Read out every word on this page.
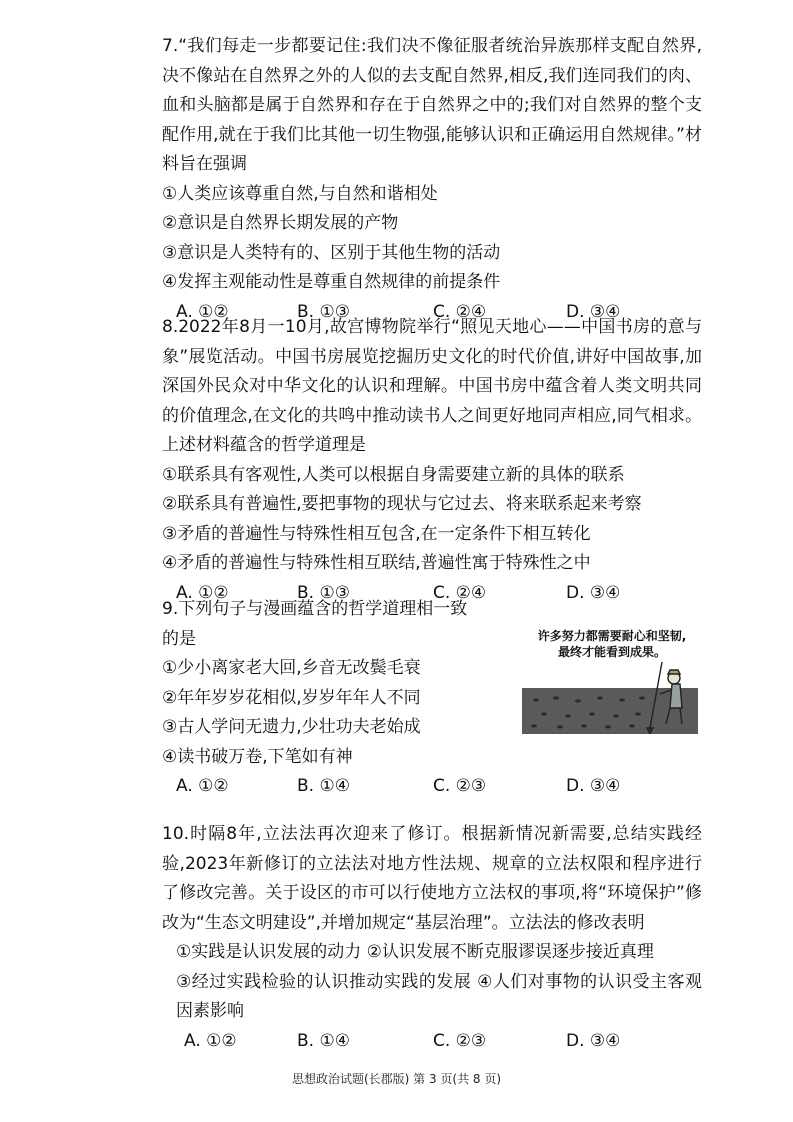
7.“我们每走一步都要记住:我们决不像征服者统治异族那样支配自然界,决不像站在自然界之外的人似的去支配自然界,相反,我们连同我们的肉、血和头脑都是属于自然界和存在于自然界之中的;我们对自然界的整个支配作用,就在于我们比其他一切生物强,能够认识和正确运用自然规律。”材料旨在强调

①人类应该尊重自然,与自然和谐相处

②意识是自然界长期发展的产物

③意识是人类特有的、区别于其他生物的活动

④发挥主观能动性是尊重自然规律的前提条件

A. ①②	B. ①③	C. ②④	D. ③④

8.2022年8月一10月,故宫博物院举行“照见天地心——中国书房的意与象”展览活动。中国书房展览挖掘历史文化的时代价值,讲好中国故事,加深国外民众对中华文化的认识和理解。中国书房中蕴含着人类文明共同的价值理念,在文化的共鸣中推动读书人之间更好地同声相应,同气相求。上述材料蕴含的哲学道理是

①联系具有客观性,人类可以根据自身需要建立新的具体的联系

②联系具有普遍性,要把事物的现状与它过去、将来联系起来考察

③矛盾的普遍性与特殊性相互包含,在一定条件下相互转化

④矛盾的普遍性与特殊性相互联结,普遍性寓于特殊性之中

A. ①②	B. ①③	C. ②④	D. ③④

9.下列句子与漫画蕴含的哲学道理相一致

的是

①少小离家老大回,乡音无改鬓毛衰

②年年岁岁花相似,岁岁年年人不同

③古人学问无遗力,少壮功夫老始成

④读书破万卷,下笔如有神

A. ①②	B. ①④	C. ②③	D. ③④
许多努力都需要耐心和坚韧,最终才能看到成果。

10.时隔8年,立法法再次迎来了修订。根据新情况新需要,总结实践经验,2023年新修订的立法法对地方性法规、规章的立法权限和程序进行了修改完善。关于设区的市可以行使地方立法权的事项,将“环境保护”修改为“生态文明建设”,并增加规定“基层治理”。立法法的修改表明

①实践是认识发展的动力 ②认识发展不断克服谬误逐步接近真理

③经过实践检验的认识推动实践的发展 ④人们对事物的认识受主客观因素影响

A. ①②	B. ①④	C. ②③	D. ③④
思想政治试题(长郡版) 第 3 页(共 8 页)
